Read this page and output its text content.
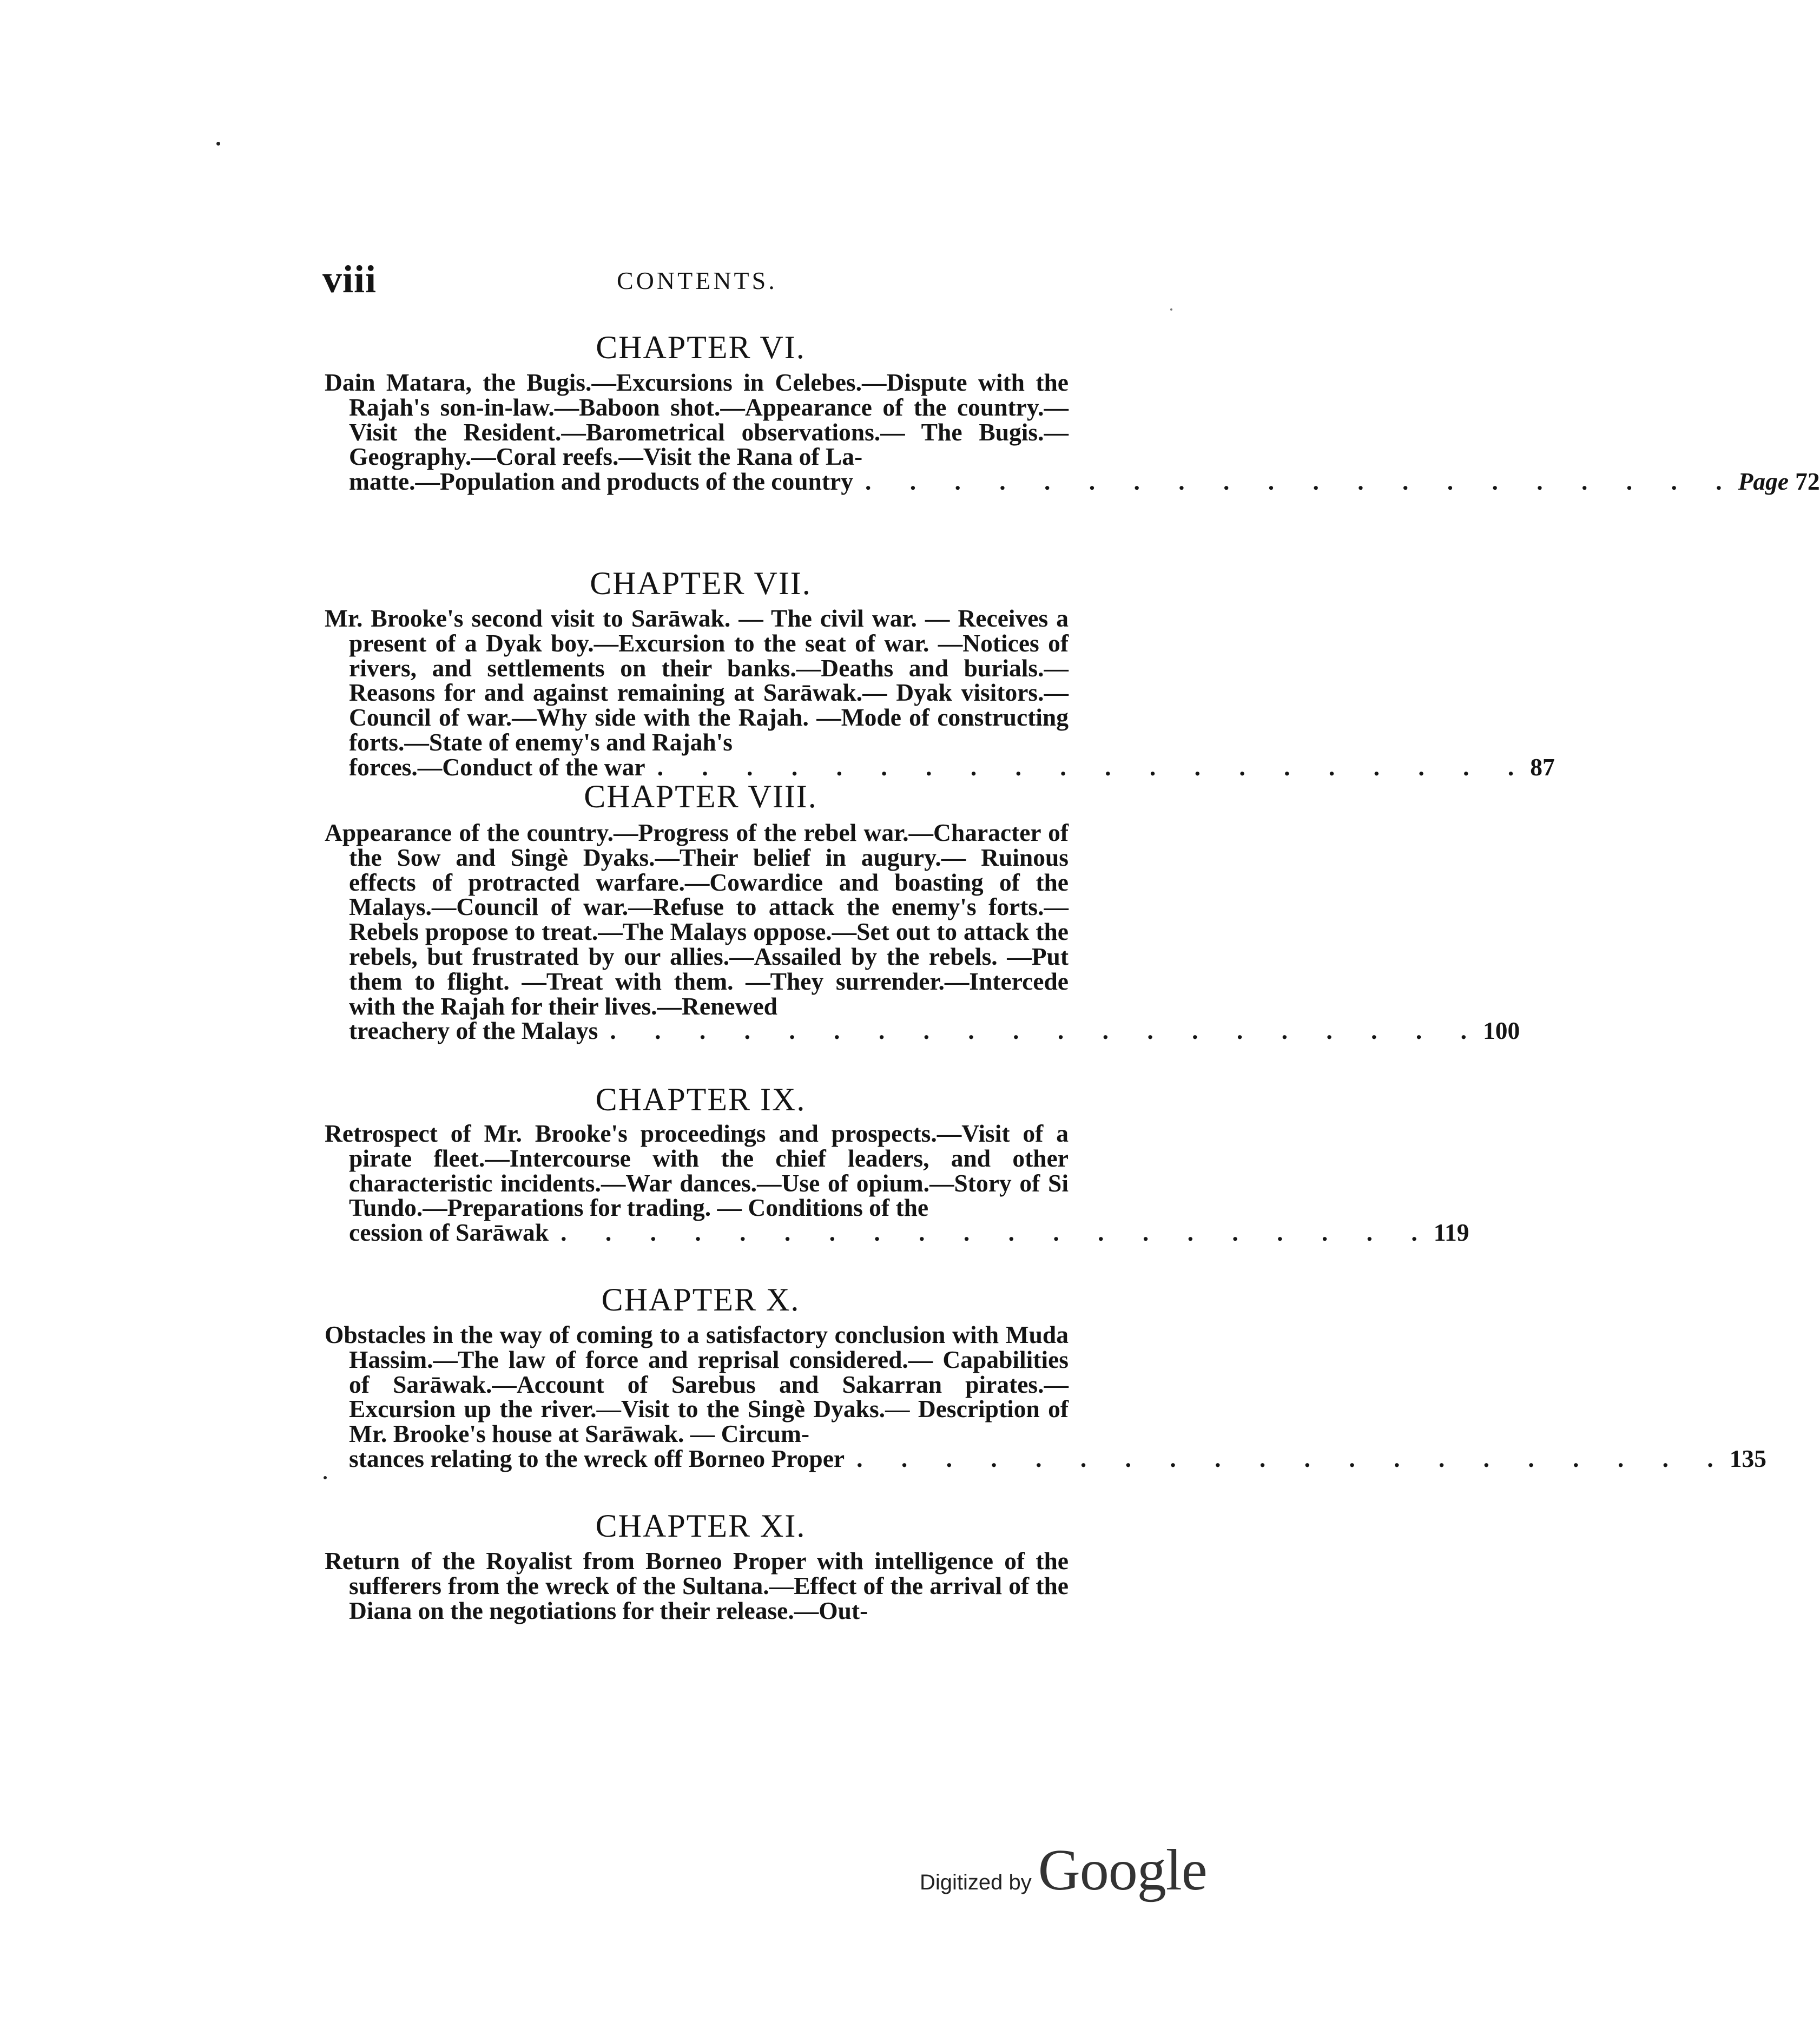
viii	CONTENTS.
CHAPTER VI.

Dain Matara, the Bugis.—Excursions in Celebes.—Dispute with the Rajah's son-in-law.—Baboon shot.—Appearance of the country.—Visit the Resident.—Barometrical observations.— The Bugis.—Geography.—Coral reefs.—Visit the Rana of La-

matte.—Population and products of the country . . . . . . . . . . . . . . . . . . . . Page 72
CHAPTER VII.

Mr. Brooke's second visit to Sarāwak. — The civil war. — Receives a present of a Dyak boy.—Excursion to the seat of war. —Notices of rivers, and settlements on their banks.—Deaths and burials.—Reasons for and against remaining at Sarāwak.— Dyak visitors.—Council of war.—Why side with the Rajah. —Mode of constructing forts.—State of enemy's and Rajah's

forces.—Conduct of the war . . . . . . . . . . . . . . . . . . . . 87
CHAPTER VIII.

Appearance of the country.—Progress of the rebel war.—Character of the Sow and Singè Dyaks.—Their belief in augury.— Ruinous effects of protracted warfare.—Cowardice and boasting of the Malays.—Council of war.—Refuse to attack the enemy's forts.—Rebels propose to treat.—The Malays oppose.—Set out to attack the rebels, but frustrated by our allies.—Assailed by the rebels. —Put them to flight. —Treat with them. —They surrender.—Intercede with the Rajah for their lives.—Renewed

treachery of the Malays . . . . . . . . . . . . . . . . . . . . 100
CHAPTER IX.

Retrospect of Mr. Brooke's proceedings and prospects.—Visit of a pirate fleet.—Intercourse with the chief leaders, and other characteristic incidents.—War dances.—Use of opium.—Story of Si Tundo.—Preparations for trading. — Conditions of the

cession of Sarāwak . . . . . . . . . . . . . . . . . . . . 119
CHAPTER X.

Obstacles in the way of coming to a satisfactory conclusion with Muda Hassim.—The law of force and reprisal considered.— Capabilities of Sarāwak.—Account of Sarebus and Sakarran pirates.—Excursion up the river.—Visit to the Singè Dyaks.— Description of Mr. Brooke's house at Sarāwak. — Circum-

stances relating to the wreck off Borneo Proper . . . . . . . . . . . . . . . . . . . . 135
CHAPTER XI.

Return of the Royalist from Borneo Proper with intelligence of the sufferers from the wreck of the Sultana.—Effect of the arrival of the Diana on the negotiations for their release.—Out-

Digitized by Google
